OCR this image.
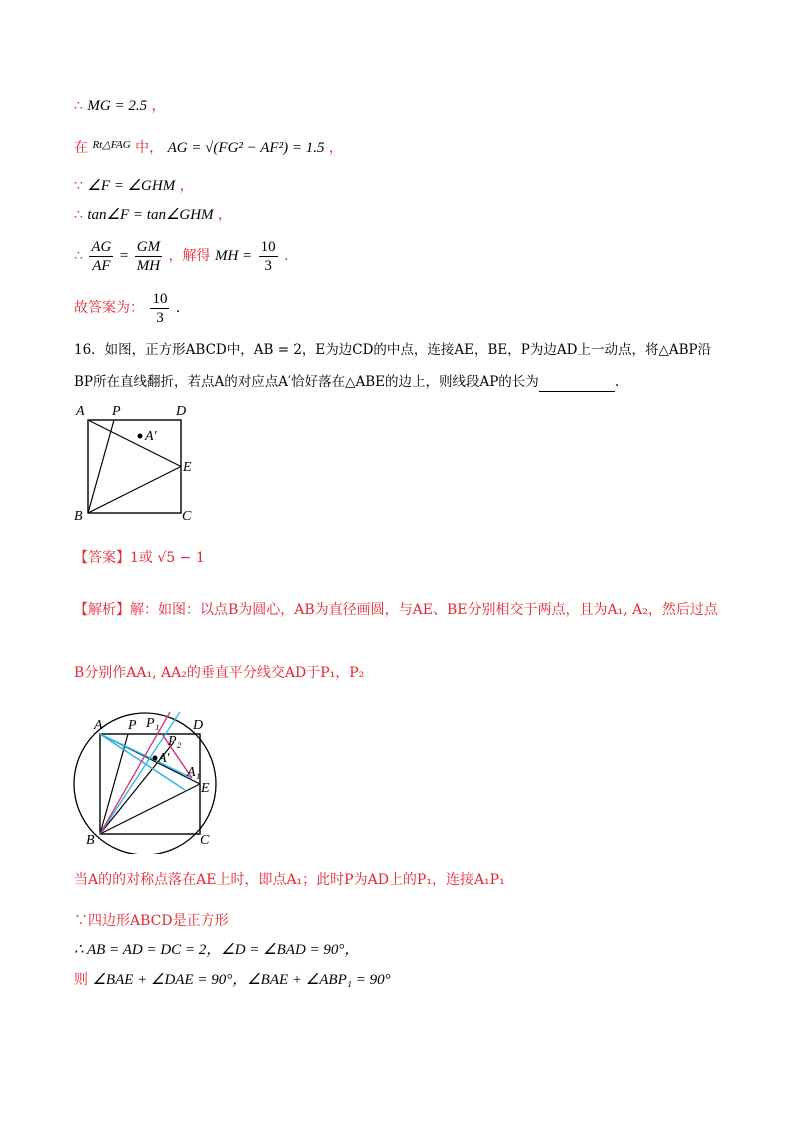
∴ MG = 2.5 ，
在 $^{Rt\triangle FAG}$ 中， AG = √(FG² − AF²) = 1.5 ，
∵ ∠F = ∠GHM ，
∴ tan∠F = tan∠GHM ，
∴ $\frac{AG}{AF} = \frac{GM}{MH}$ ，解得 MH = $\frac{10}{3}$ .
故答案为： $\frac{10}{3}$ .
16．如图，正方形ABCD中，AB = 2，E为边CD的中点，连接AE，BE，P为边AD上一动点，将△ABP沿
BP所在直线翻折，若点A的对应点A′恰好落在△ABE的边上，则线段AP的长为	.
A P	D
A′
E
B	C
【答案】1或 √5 − 1
【解析】解：如图：以点B为圆心，AB为直径画圆，与AE、BE分别相交于两点，且为A₁, A₂，然后过点
B分别作AA₁, AA₂的垂直平分线交AD于P₁，P₂
A P P₁
P₂
D
A′
A₁
E
B	C
当A的的对称点落在AE上时，即点A₁；此时P为AD上的P₁，连接A₁P₁
∵四边形ABCD是正方形
∴ AB = AD = DC = 2，∠D = ∠BAD = 90°，
则 ∠BAE + ∠DAE = 90°，∠BAE + ∠ABP₁ = 90°
